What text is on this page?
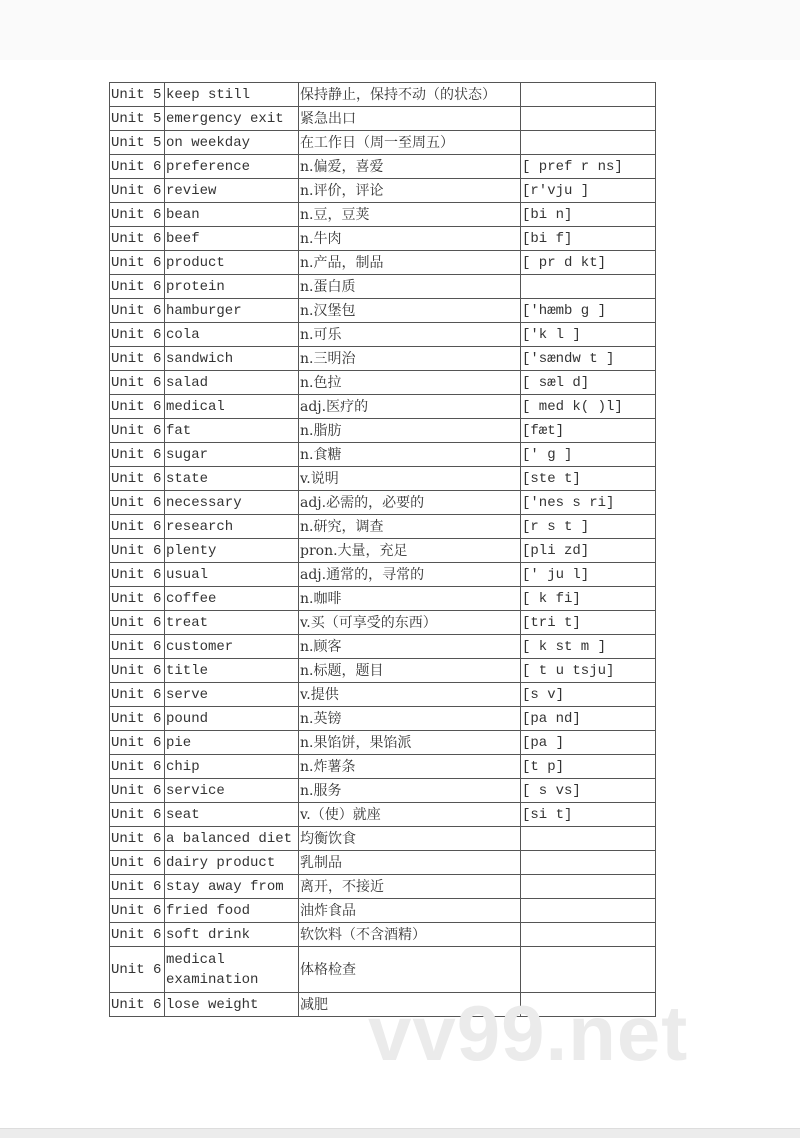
Unit 5	keep still	保持静止，保持不动（的状态）	
Unit 5	emergency exit	紧急出口	
Unit 5	on weekday	在工作日（周一至周五）	
Unit 6	preference	n.偏爱，喜爱	[ pref r ns]
Unit 6	review	n.评价，评论	[r'vju ]
Unit 6	bean	n.豆，豆荚	[bi n]
Unit 6	beef	n.牛肉	[bi f]
Unit 6	product	n.产品，制品	[ pr d kt]
Unit 6	protein	n.蛋白质	
Unit 6	hamburger	n.汉堡包	['hæmb g ]
Unit 6	cola	n.可乐	['k l ]
Unit 6	sandwich	n.三明治	['sændw t ]
Unit 6	salad	n.色拉	[ sæl d]
Unit 6	medical	adj.医疗的	[ med k( )l]
Unit 6	fat	n.脂肪	[fæt]
Unit 6	sugar	n.食糖	[' g ]
Unit 6	state	v.说明	[ste t]
Unit 6	necessary	adj.必需的，必要的	['nes s ri]
Unit 6	research	n.研究，调查	[r s t ]
Unit 6	plenty	pron.大量，充足	[pli zd]
Unit 6	usual	adj.通常的，寻常的	[' ju l]
Unit 6	coffee	n.咖啡	[ k fi]
Unit 6	treat	v.买（可享受的东西）	[tri t]
Unit 6	customer	n.顾客	[ k st m ]
Unit 6	title	n.标题，题目	[ t u tsju]
Unit 6	serve	v.提供	[s v]
Unit 6	pound	n.英镑	[pa nd]
Unit 6	pie	n.果馅饼，果馅派	[pa ]
Unit 6	chip	n.炸薯条	[t p]
Unit 6	service	n.服务	[ s vs]
Unit 6	seat	v.（使）就座	[si t]
Unit 6	a balanced diet	均衡饮食	
Unit 6	dairy product	乳制品	
Unit 6	stay away from	离开，不接近	
Unit 6	fried food	油炸食品	
Unit 6	soft drink	软饮料（不含酒精）	
Unit 6	medical examination	体格检查	
Unit 6	lose weight	减肥	vv99.net
